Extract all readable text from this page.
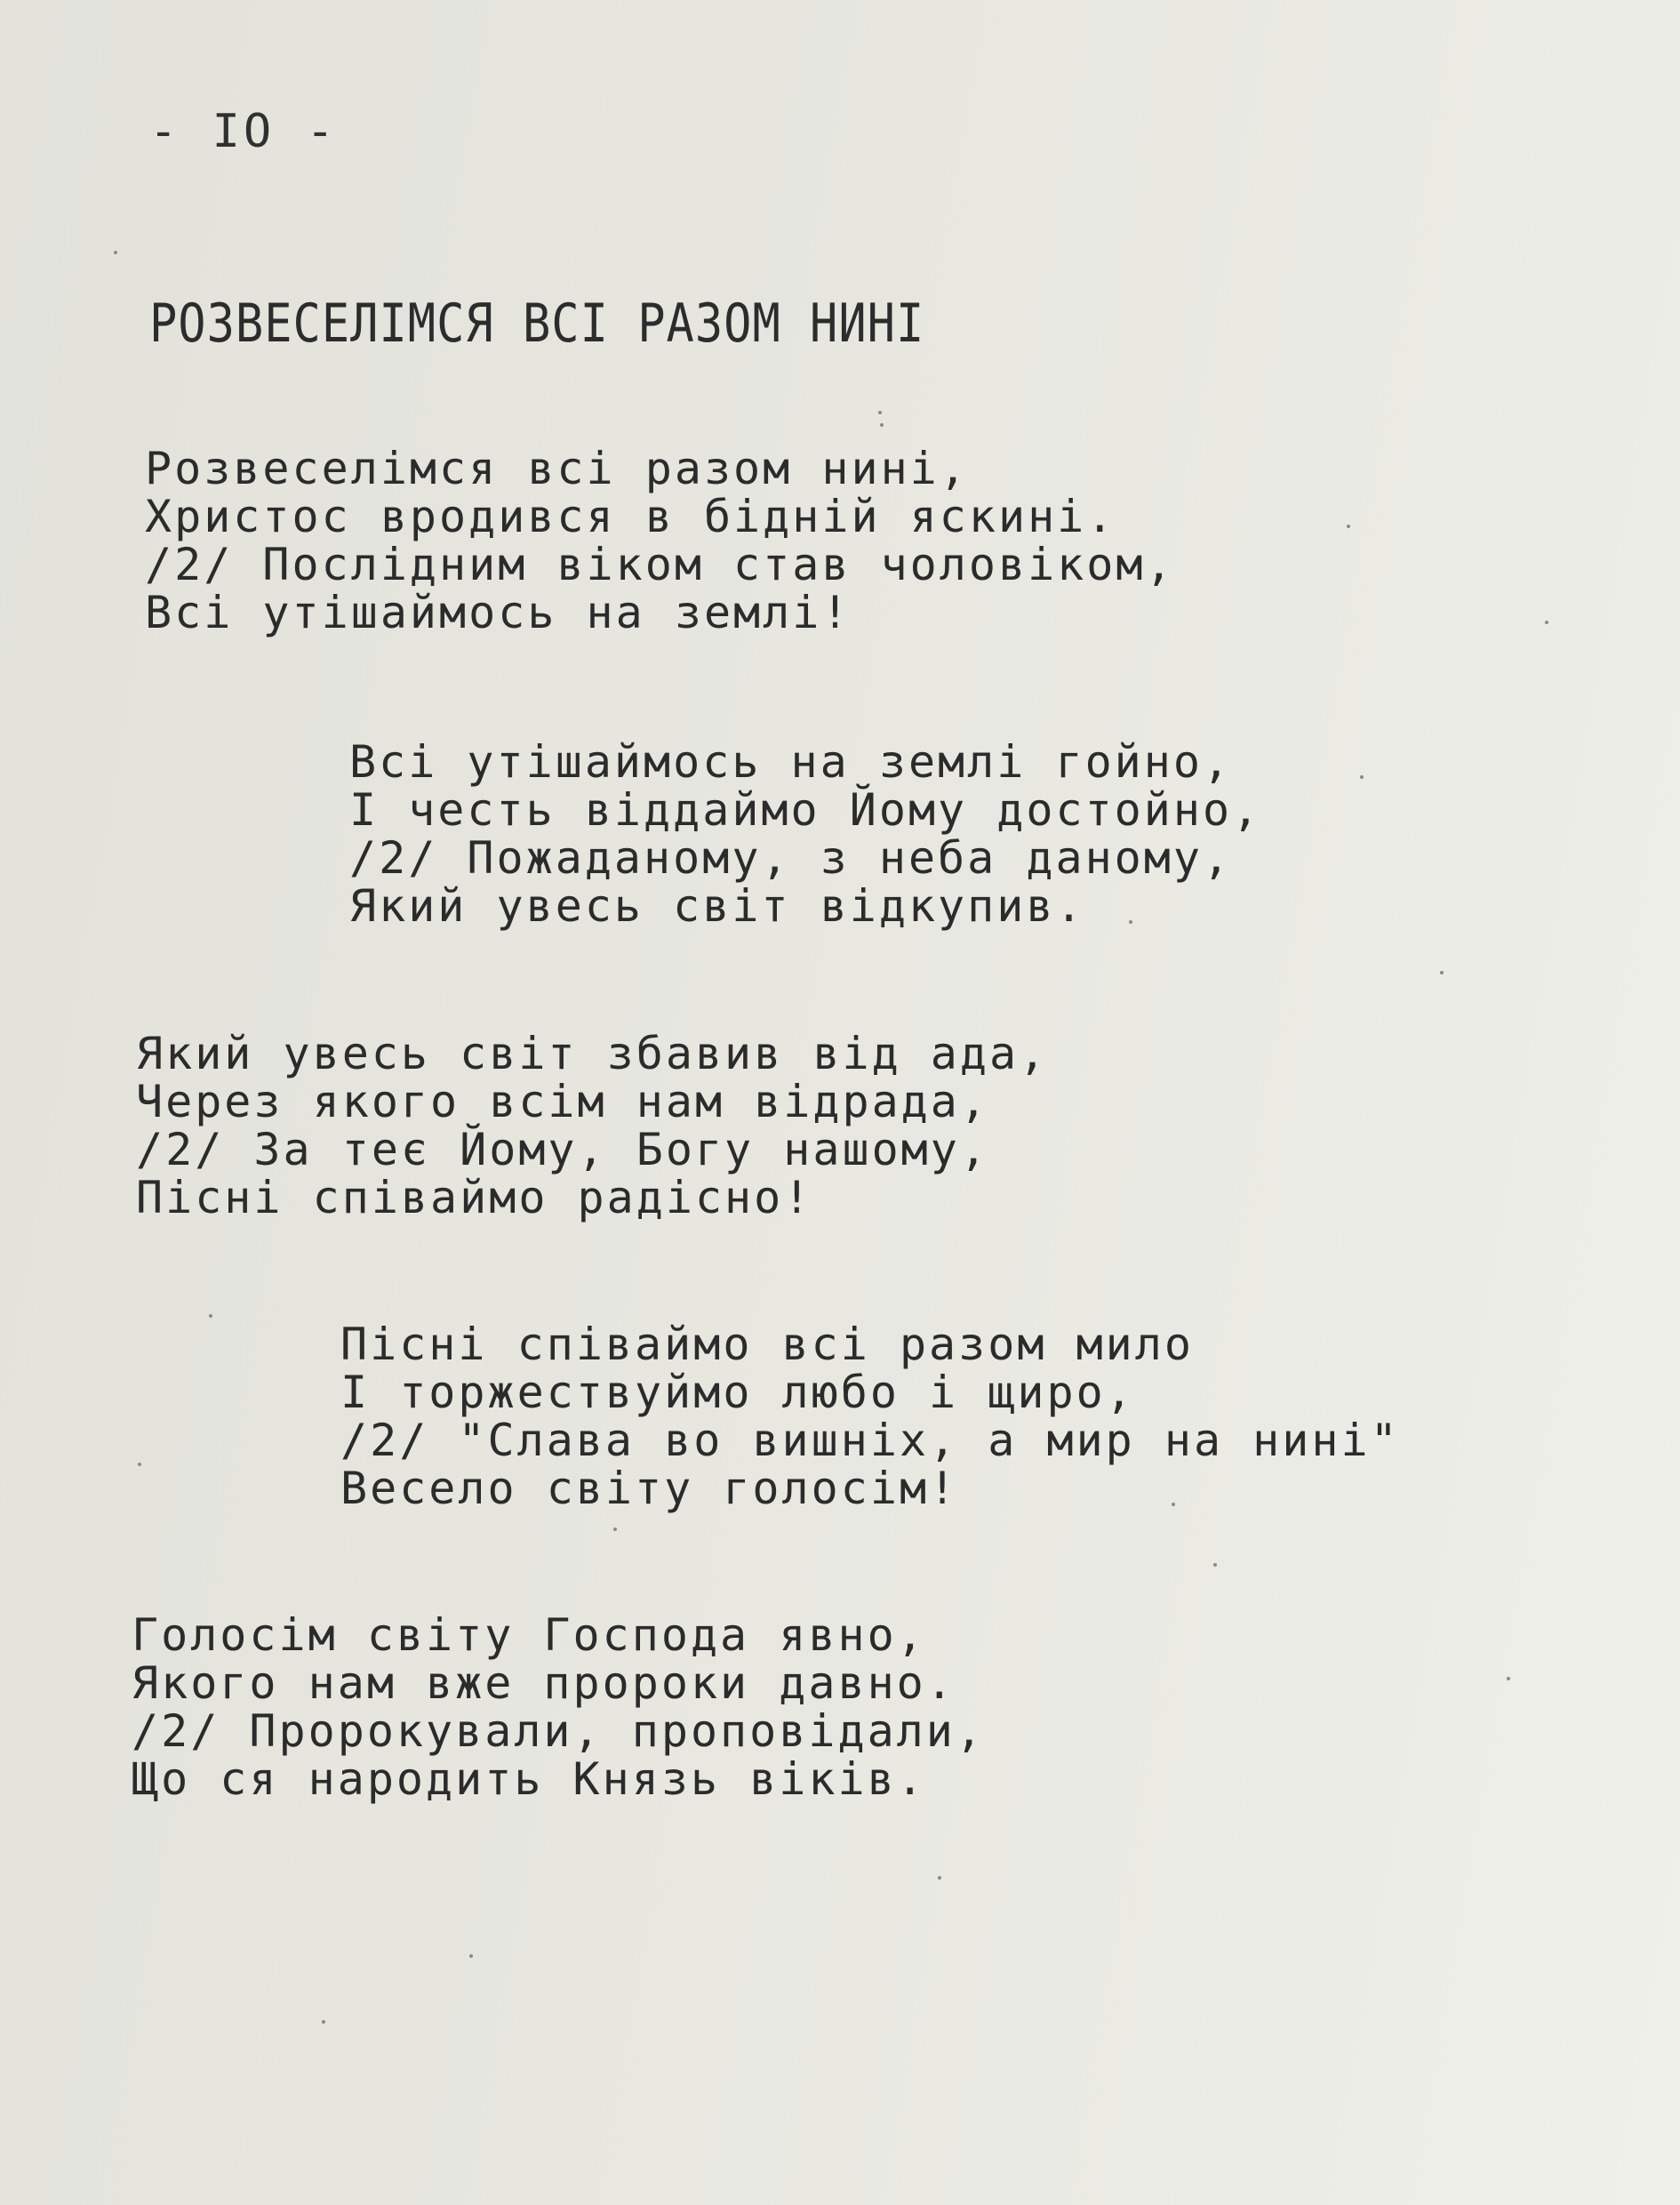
- IO -
РОЗВЕСЕЛІМСЯ ВСІ РАЗОМ НИНІ
Розвеселімся всі разом нині,
Христос вродився в бідній яскині.
/2/ Послідним віком став чоловіком,
Всі утішаймось на землі!
Всі утішаймось на землі гойно,
І честь віддаймо Йому достойно,
/2/ Пожаданому, з неба даному,
Який увесь світ відкупив.
Який увесь світ збавив від ада,
Через якого всім нам відрада,
/2/ За теє Йому, Богу нашому,
Пісні співаймо радісно!
Пісні співаймо всі разом мило
І торжествуймо любо і щиро,
/2/ "Слава во вишніх, а мир на нині"
Весело світу голосім!
Голосім світу Господа явно,
Якого нам вже пророки давно.
/2/ Пророкували, проповідали,
Що ся народить Князь віків.
